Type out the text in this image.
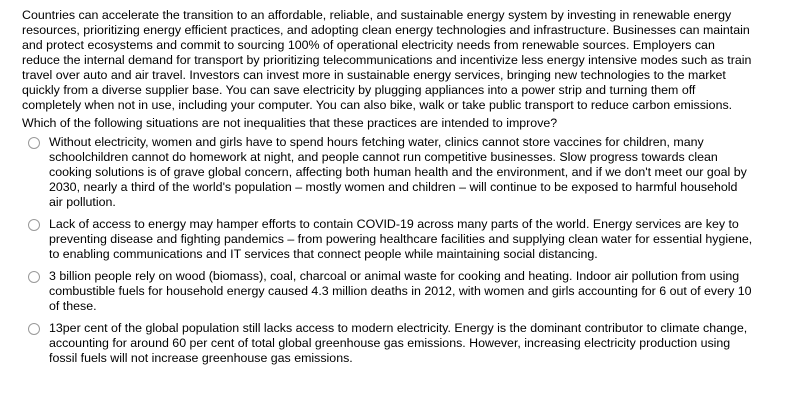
Countries can accelerate the transition to an affordable, reliable, and sustainable energy system by investing in renewable energy resources, prioritizing energy efficient practices, and adopting clean energy technologies and infrastructure. Businesses can maintain and protect ecosystems and commit to sourcing 100% of operational electricity needs from renewable sources. Employers can reduce the internal demand for transport by prioritizing telecommunications and incentivize less energy intensive modes such as train travel over auto and air travel. Investors can invest more in sustainable energy services, bringing new technologies to the market quickly from a diverse supplier base. You can save electricity by plugging appliances into a power strip and turning them off completely when not in use, including your computer. You can also bike, walk or take public transport to reduce carbon emissions.

Which of the following situations are not inequalities that these practices are intended to improve?

Without electricity, women and girls have to spend hours fetching water, clinics cannot store vaccines for children, many schoolchildren cannot do homework at night, and people cannot run competitive businesses. Slow progress towards clean cooking solutions is of grave global concern, affecting both human health and the environment, and if we don't meet our goal by 2030, nearly a third of the world's population – mostly women and children – will continue to be exposed to harmful household air pollution.
Lack of access to energy may hamper efforts to contain COVID-19 across many parts of the world. Energy services are key to preventing disease and fighting pandemics – from powering healthcare facilities and supplying clean water for essential hygiene, to enabling communications and IT services that connect people while maintaining social distancing.
3 billion people rely on wood (biomass), coal, charcoal or animal waste for cooking and heating. Indoor air pollution from using combustible fuels for household energy caused 4.3 million deaths in 2012, with women and girls accounting for 6 out of every 10 of these.
13per cent of the global population still lacks access to modern electricity. Energy is the dominant contributor to climate change, accounting for around 60 per cent of total global greenhouse gas emissions. However, increasing electricity production using fossil fuels will not increase greenhouse gas emissions.
